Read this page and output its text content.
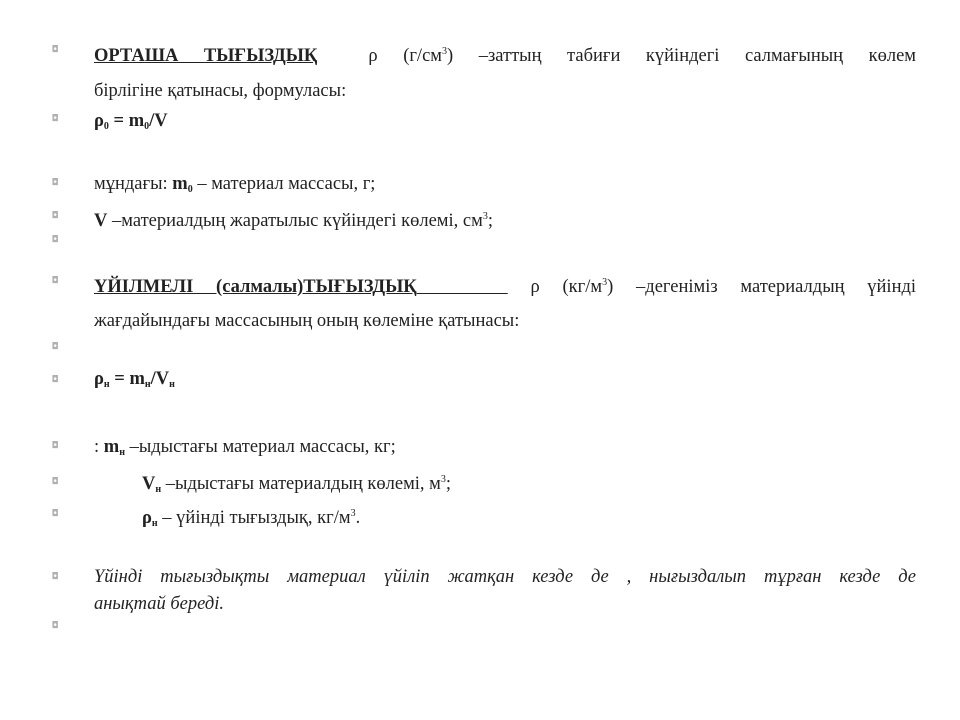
◘ ОРТАША ТЫҒЫЗДЫҚ	ρ $(г/см^3)$ –заттың табиғи күйіндегі салмағының көлем
бірлігіне қатынасы, формуласы:
◘ $\rho_0 = m_0/V$
◘ мұндағы: $m_0$ – материал массасы, г;
◘ V –материалдың жаратылыс күйіндегі көлемі, $см^3$;
◘
◘ ҮЙІЛМЕЛІ (салмалы)ТЫҒЫЗДЫҚ	ρ $(кг/м^3)$ –дегеніміз материалдың үйінді
жағдайындағы массасының оның көлеміне қатынасы:
◘
◘ $\rho_н = m_н/V_н$
◘ : $m_н$ –ыдыстағы материал массасы, кг;
◘	$V_н$ –ыдыстағы материалдың көлемі, $м^3$;
◘	$\rho_н$ – үйінді тығыздық, $кг/м^3$.
◘ Үйінді тығыздықты материал үйіліп жатқан кезде де , нығыздалып тұрған кезде де
анықтай береді.
◘
